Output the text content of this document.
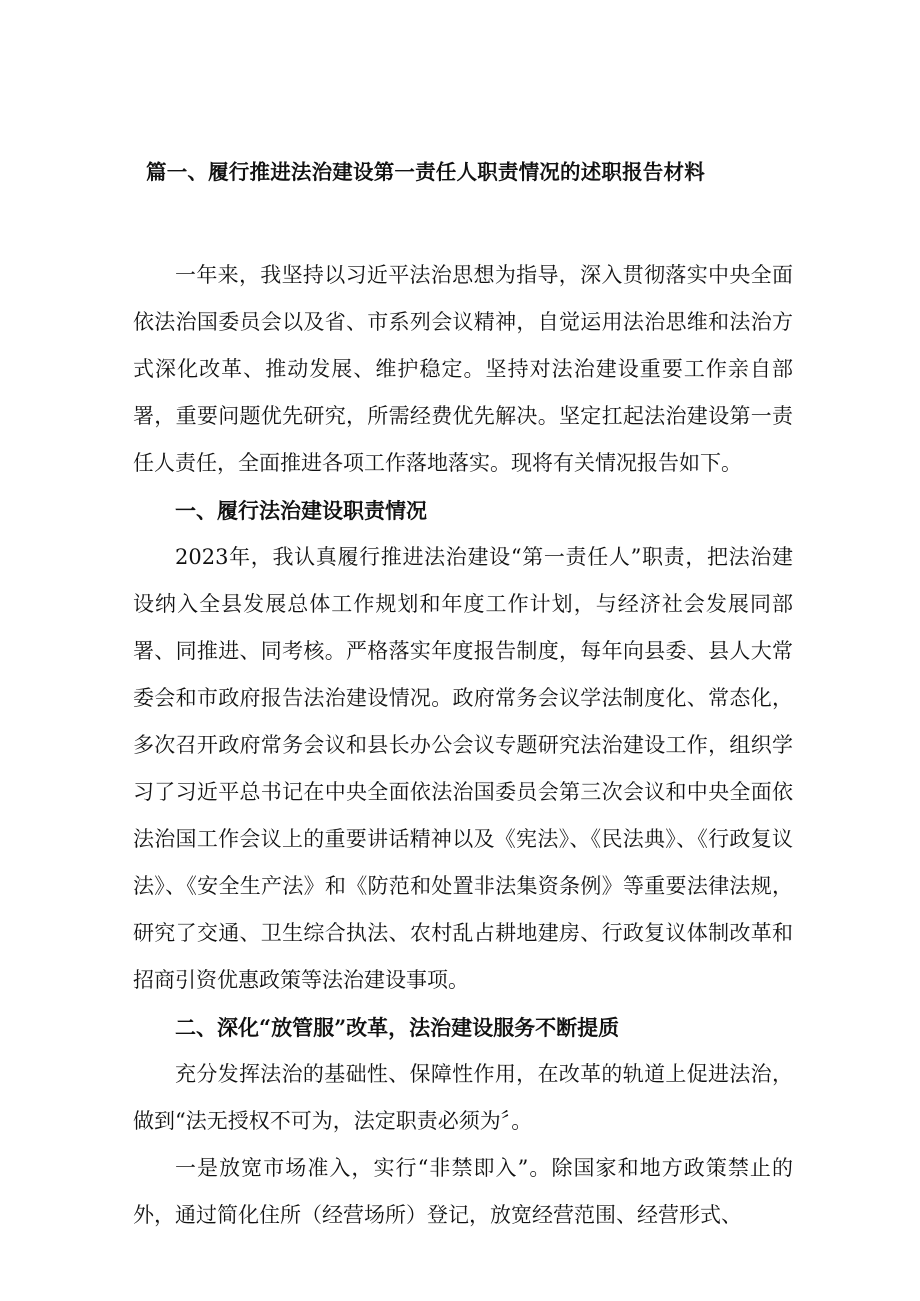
篇一、履行推进法治建设第一责任人职责情况的述职报告材料

一年来，我坚持以习近平法治思想为指导，深入贯彻落实中央全面依法治国委员会以及省、市系列会议精神，自觉运用法治思维和法治方式深化改革、推动发展、维护稳定。坚持对法治建设重要工作亲自部署，重要问题优先研究，所需经费优先解决。坚定扛起法治建设第一责任人责任，全面推进各项工作落地落实。现将有关情况报告如下。

一、履行法治建设职责情况

2023年，我认真履行推进法治建设“第一责任人”职责，把法治建设纳入全县发展总体工作规划和年度工作计划，与经济社会发展同部署、同推进、同考核。严格落实年度报告制度，每年向县委、县人大常委会和市政府报告法治建设情况。政府常务会议学法制度化、常态化，多次召开政府常务会议和县长办公会议专题研究法治建设工作，组织学习了习近平总书记在中央全面依法治国委员会第三次会议和中央全面依法治国工作会议上的重要讲话精神以及《宪法》、《民法典》、《行政复议法》、《安全生产法》和《防范和处置非法集资条例》等重要法律法规，研究了交通、卫生综合执法、农村乱占耕地建房、行政复议体制改革和招商引资优惠政策等法治建设事项。

二、深化“放管服”改革，法治建设服务不断提质

充分发挥法治的基础性、保障性作用，在改革的轨道上促进法治，做到“法无授权不可为，法定职责必须为〞。

一是放宽市场准入，实行“非禁即入”。除国家和地方政策禁止的外，通过简化住所（经营场所）登记，放宽经营范围、经营形式、
